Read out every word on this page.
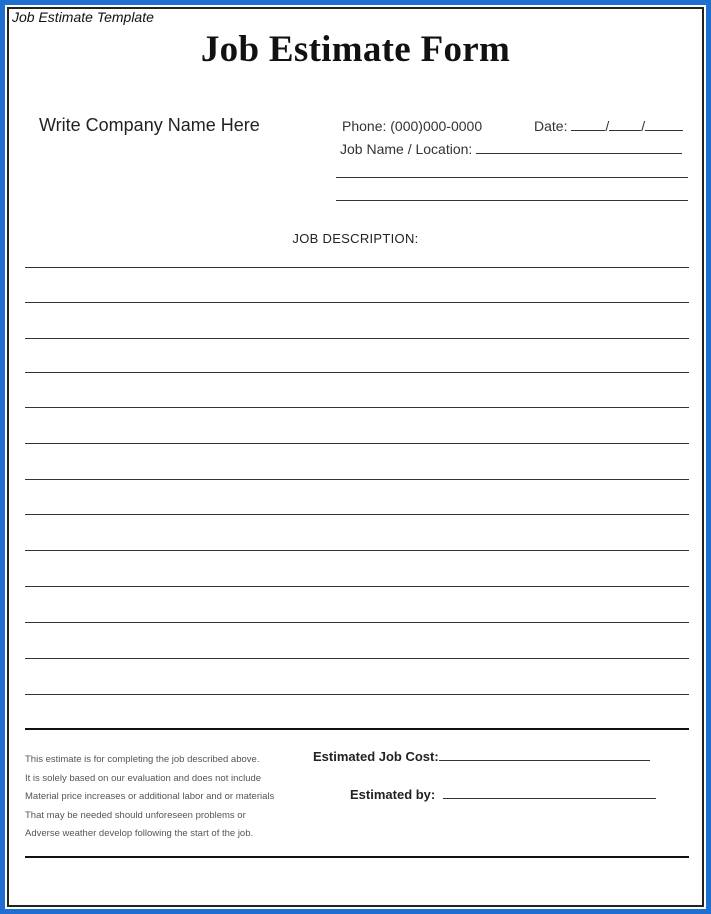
Job Estimate Template
Job Estimate Form
Write Company Name Here	Phone: (000)000-0000	Date:	/ /
Job Name / Location:
JOB DESCRIPTION:
This estimate is for completing the job described above.
It is solely based on our evaluation and does not include
Material price increases or additional labor and or materials
That may be needed should unforeseen problems or
Adverse weather develop following the start of the job.
Estimated Job Cost:
Estimated by:
